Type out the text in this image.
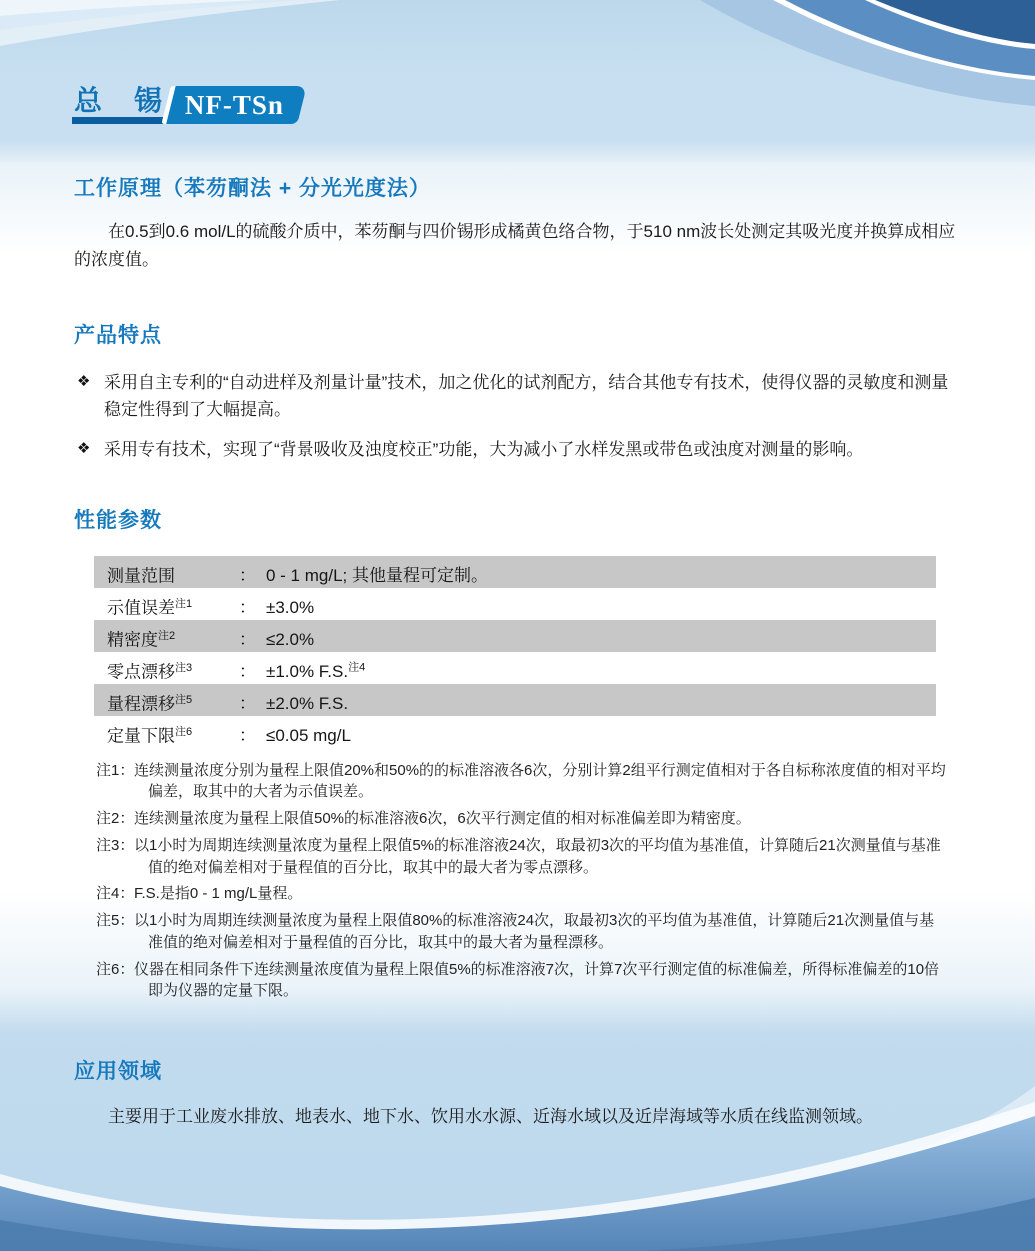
总　锡 NF-TSn
工作原理（苯芴酮法 + 分光光度法）

在0.5到0.6 mol/L的硫酸介质中，苯芴酮与四价锡形成橘黄色络合物，于510 nm波长处测定其吸光度并换算成相应的浓度值。

产品特点
❖ 采用自主专利的“自动进样及剂量计量”技术，加之优化的试剂配方，结合其他专有技术，使得仪器的灵敏度和测量稳定性得到了大幅提高。
❖ 采用专有技术，实现了“背景吸收及浊度校正”功能，大为减小了水样发黑或带色或浊度对测量的影响。
性能参数
测量范围	： 0 - 1 mg/L; 其他量程可定制。
示值误差$^{注1}$	： ±3.0%
精密度$^{注2}$	： ≤2.0%
零点漂移$^{注3}$	： ±1.0% F.S.$^{注4}$
量程漂移$^{注5}$	： ±2.0% F.S.
定量下限$^{注6}$	： ≤0.05 mg/L
注1： 连续测量浓度分别为量程上限值20%和50%的的标准溶液各6次，分别计算2组平行测定值相对于各自标称浓度值的相对平均偏差，取其中的大者为示值误差。
注2： 连续测量浓度为量程上限值50%的标准溶液6次，6次平行测定值的相对标准偏差即为精密度。
注3： 以1小时为周期连续测量浓度为量程上限值5%的标准溶液24次，取最初3次的平均值为基准值，计算随后21次测量值与基准值的绝对偏差相对于量程值的百分比，取其中的最大者为零点漂移。
注4： F.S.是指0 - 1 mg/L量程。
注5： 以1小时为周期连续测量浓度为量程上限值80%的标准溶液24次，取最初3次的平均值为基准值，计算随后21次测量值与基准值的绝对偏差相对于量程值的百分比，取其中的最大者为量程漂移。
注6： 仪器在相同条件下连续测量浓度值为量程上限值5%的标准溶液7次，计算7次平行测定值的标准偏差，所得标准偏差的10倍即为仪器的定量下限。
应用领域

主要用于工业废水排放、地表水、地下水、饮用水水源、近海水域以及近岸海域等水质在线监测领域。
